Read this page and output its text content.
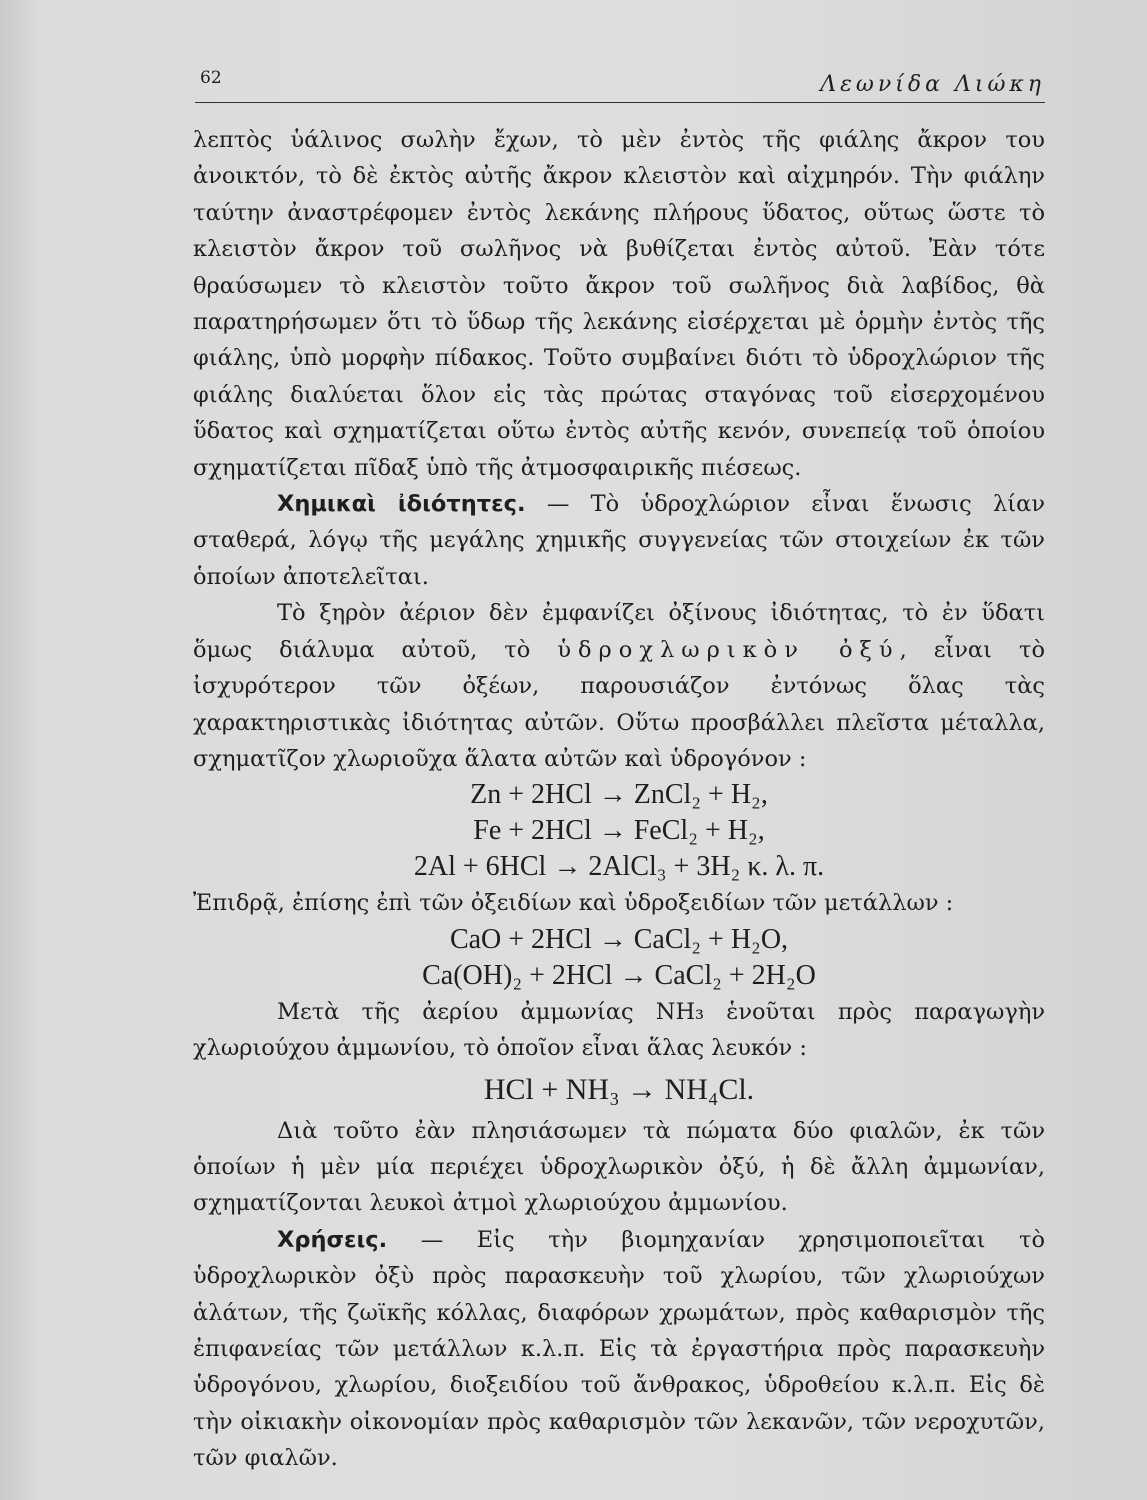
62	Λεωνίδα Λιώκη

λεπτὸς ὑάλινος σωλὴν ἔχων, τὸ μὲν ἐντὸς τῆς φιάλης ἄκρον του ἀνοικτόν, τὸ δὲ ἐκτὸς αὐτῆς ἄκρον κλειστὸν καὶ αἰχμηρόν. Τὴν φιάλην ταύτην ἀναστρέφομεν ἐντὸς λεκάνης πλήρους ὕδατος, οὕτως ὥστε τὸ κλειστὸν ἄκρον τοῦ σωλῆνος νὰ βυθίζεται ἐντὸς αὐτοῦ. Ἐὰν τότε θραύσωμεν τὸ κλειστὸν τοῦτο ἄκρον τοῦ σωλῆνος διὰ λαβίδος, θὰ παρατηρήσωμεν ὅτι τὸ ὕδωρ τῆς λεκάνης εἰσέρχεται μὲ ὁρμὴν ἐντὸς τῆς φιάλης, ὑπὸ μορφὴν πίδακος. Τοῦτο συμβαίνει διότι τὸ ὑδροχλώριον τῆς φιάλης διαλύεται ὅλον εἰς τὰς πρώτας σταγόνας τοῦ εἰσερχομένου ὕδατος καὶ σχηματίζεται οὕτω ἐντὸς αὐτῆς κενόν, συνεπείᾳ τοῦ ὁποίου σχηματίζεται πῖδαξ ὑπὸ τῆς ἀτμοσφαιρικῆς πιέσεως.

Χημικαὶ ἰδιότητες. — Τὸ ὑδροχλώριον εἶναι ἕνωσις λίαν σταθερά, λόγῳ τῆς μεγάλης χημικῆς συγγενείας τῶν στοιχείων ἐκ τῶν ὁποίων ἀποτελεῖται.

Τὸ ξηρὸν ἀέριον δὲν ἐμφανίζει ὀξίνους ἰδιότητας, τὸ ἐν ὕδατι ὅμως διάλυμα αὐτοῦ, τὸ ὑδροχλωρικὸν ὀξύ, εἶναι τὸ ἰσχυρότερον τῶν ὀξέων, παρουσιάζον ἐντόνως ὅλας τὰς χαρακτηριστικὰς ἰδιότητας αὐτῶν. Οὕτω προσβάλλει πλεῖστα μέταλλα, σχηματῖζον χλωριοῦχα ἅλατα αὐτῶν καὶ ὑδρογόνον :

Zn + 2HCl → ZnCl₂ + H₂,

Fe + 2HCl → FeCl₂ + H₂,

2Al + 6HCl → 2AlCl₃ + 3H₂ κ. λ. π.

Ἐπιδρᾷ, ἐπίσης ἐπὶ τῶν ὀξειδίων καὶ ὑδροξειδίων τῶν μετάλλων :

CaO + 2HCl → CaCl₂ + H₂O,

Ca(OH)₂ + 2HCl → CaCl₂ + 2H₂O

Μετὰ τῆς ἀερίου ἀμμωνίας NH₃ ἑνοῦται πρὸς παραγωγὴν χλωριούχου ἀμμωνίου, τὸ ὁποῖον εἶναι ἅλας λευκόν :

HCl + NH₃ → NH₄Cl.

Διὰ τοῦτο ἐὰν πλησιάσωμεν τὰ πώματα δύο φιαλῶν, ἐκ τῶν ὁποίων ἡ μὲν μία περιέχει ὑδροχλωρικὸν ὀξύ, ἡ δὲ ἄλλη ἀμμωνίαν, σχηματίζονται λευκοὶ ἀτμοὶ χλωριούχου ἀμμωνίου.

Χρήσεις. — Εἰς τὴν βιομηχανίαν χρησιμοποιεῖται τὸ ὑδροχλωρικὸν ὀξὺ πρὸς παρασκευὴν τοῦ χλωρίου, τῶν χλωριούχων ἁλάτων, τῆς ζωϊκῆς κόλλας, διαφόρων χρωμάτων, πρὸς καθαρισμὸν τῆς ἐπιφανείας τῶν μετάλλων κ.λ.π. Εἰς τὰ ἐργαστήρια πρὸς παρασκευὴν ὑδρογόνου, χλωρίου, διοξειδίου τοῦ ἄνθρακος, ὑδροθείου κ.λ.π. Εἰς δὲ τὴν οἰκιακὴν οἰκονομίαν πρὸς καθαρισμὸν τῶν λεκανῶν, τῶν νεροχυτῶν, τῶν φιαλῶν.
